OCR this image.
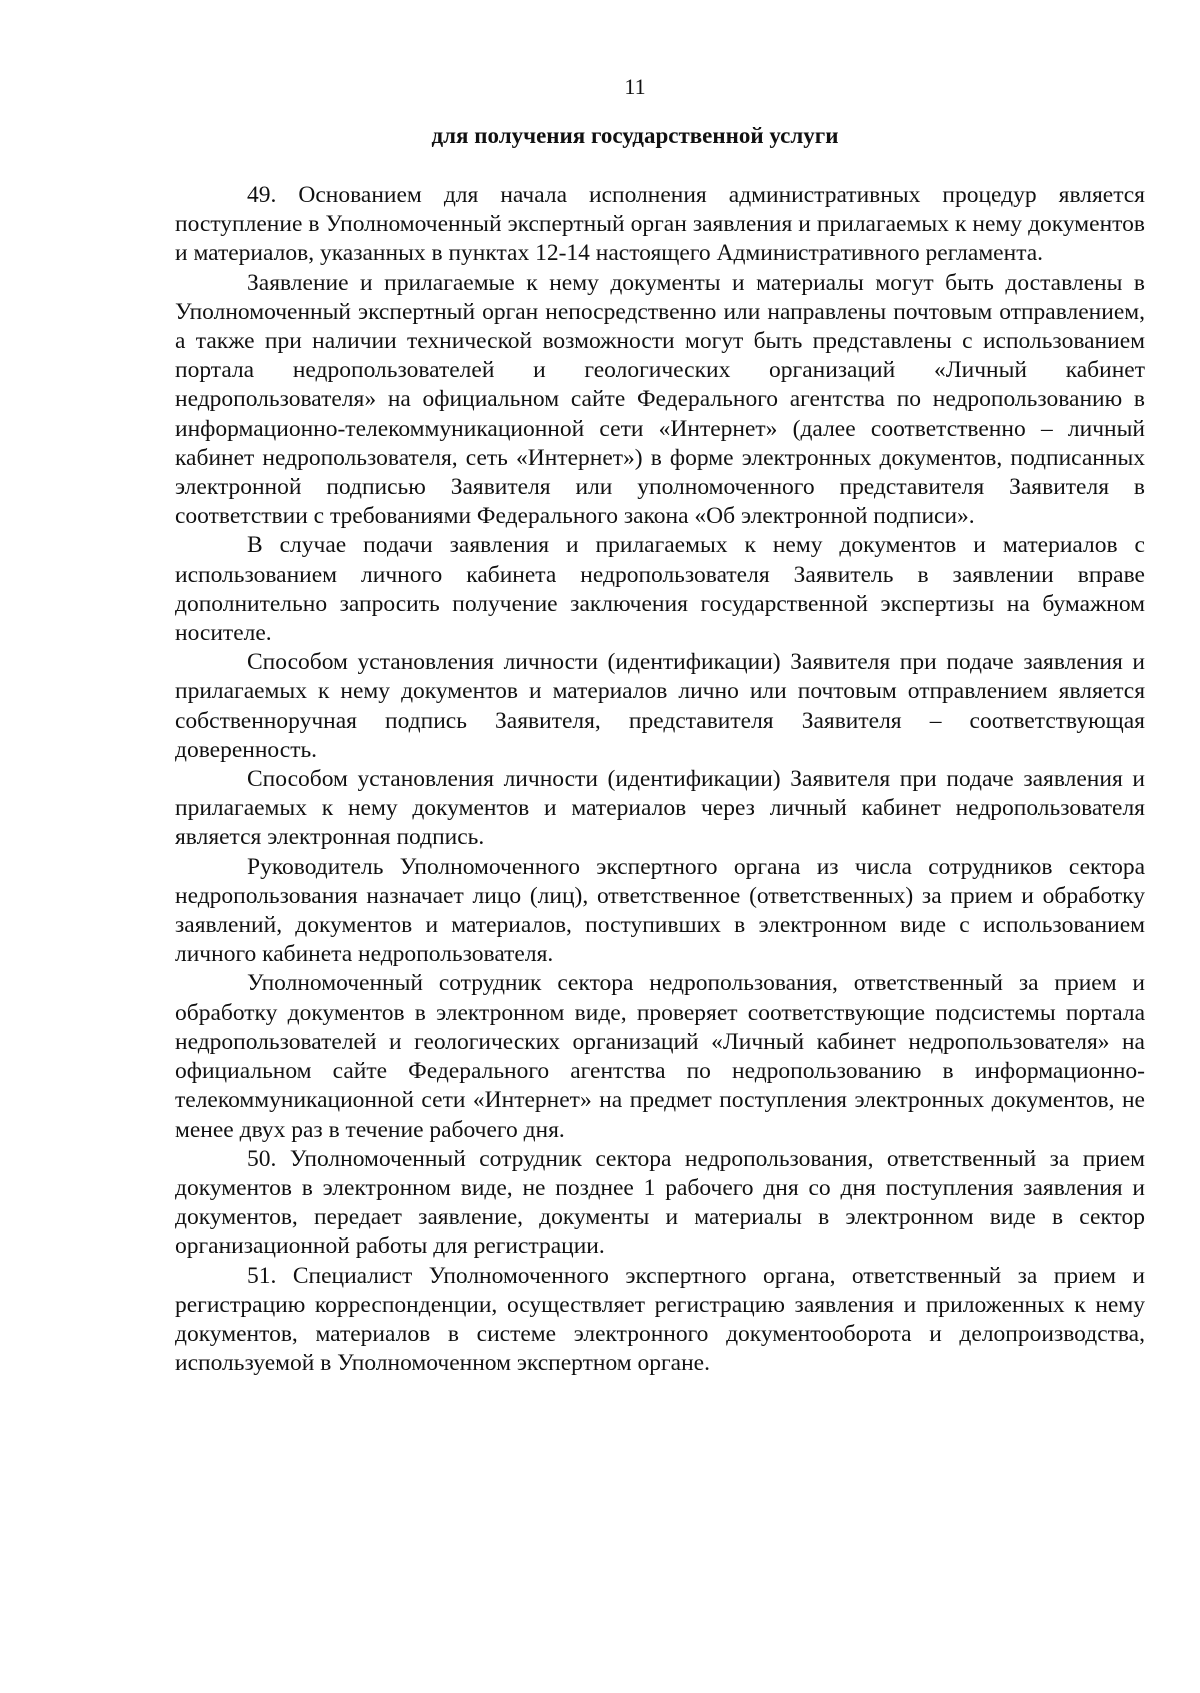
11
для получения государственной услуги

49. Основанием для начала исполнения административных процедур является поступление в Уполномоченный экспертный орган заявления и прилагаемых к нему документов и материалов, указанных в пунктах 12-14 настоящего Административного регламента.

Заявление и прилагаемые к нему документы и материалы могут быть доставлены в Уполномоченный экспертный орган непосредственно или направлены почтовым отправлением, а также при наличии технической возможности могут быть представлены с использованием портала недропользователей и геологических организаций «Личный кабинет недропользователя» на официальном сайте Федерального агентства по недропользованию в информационно-телекоммуникационной сети «Интернет» (далее соответственно – личный кабинет недропользователя, сеть «Интернет») в форме электронных документов, подписанных электронной подписью Заявителя или уполномоченного представителя Заявителя в соответствии с требованиями Федерального закона «Об электронной подписи».

В случае подачи заявления и прилагаемых к нему документов и материалов с использованием личного кабинета недропользователя Заявитель в заявлении вправе дополнительно запросить получение заключения государственной экспертизы на бумажном носителе.

Способом установления личности (идентификации) Заявителя при подаче заявления и прилагаемых к нему документов и материалов лично или почтовым отправлением является собственноручная подпись Заявителя, представителя Заявителя – соответствующая доверенность.

Способом установления личности (идентификации) Заявителя при подаче заявления и прилагаемых к нему документов и материалов через личный кабинет недропользователя является электронная подпись.

Руководитель Уполномоченного экспертного органа из числа сотрудников сектора недропользования назначает лицо (лиц), ответственное (ответственных) за прием и обработку заявлений, документов и материалов, поступивших в электронном виде с использованием личного кабинета недропользователя.

Уполномоченный сотрудник сектора недропользования, ответственный за прием и обработку документов в электронном виде, проверяет соответствующие подсистемы портала недропользователей и геологических организаций «Личный кабинет недропользователя» на официальном сайте Федерального агентства по недропользованию в информационно-телекоммуникационной сети «Интернет» на предмет поступления электронных документов, не менее двух раз в течение рабочего дня.

50. Уполномоченный сотрудник сектора недропользования, ответственный за прием документов в электронном виде, не позднее 1 рабочего дня со дня поступления заявления и документов, передает заявление, документы и материалы в электронном виде в сектор организационной работы для регистрации.

51. Специалист Уполномоченного экспертного органа, ответственный за прием и регистрацию корреспонденции, осуществляет регистрацию заявления и приложенных к нему документов, материалов в системе электронного документооборота и делопроизводства, используемой в Уполномоченном экспертном органе.
